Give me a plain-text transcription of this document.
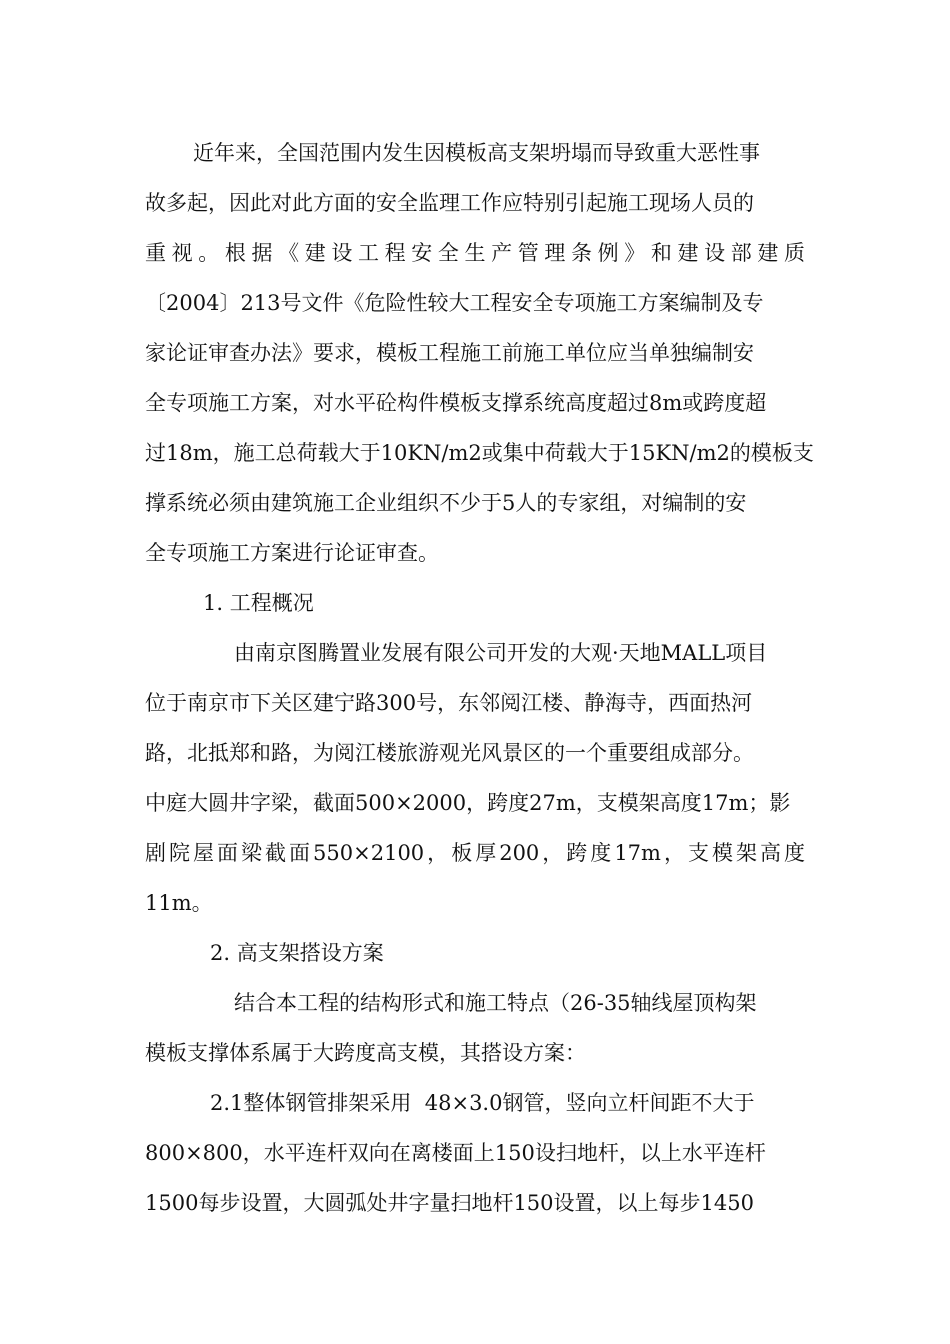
近年来，全国范围内发生因模板高支架坍塌而导致重大恶性事
故多起，因此对此方面的安全监理工作应特别引起施工现场人员的
重视。根据《建设工程安全生产管理条例》和建设部建质
〔2004〕213号文件《危险性较大工程安全专项施工方案编制及专
家论证审查办法》要求，模板工程施工前施工单位应当单独编制安
全专项施工方案，对水平砼构件模板支撑系统高度超过8m或跨度超
过18m，施工总荷载大于10KN/m2或集中荷载大于15KN/m2的模板支
撑系统必须由建筑施工企业组织不少于5人的专家组，对编制的安
全专项施工方案进行论证审查。
1. 工程概况
由南京图腾置业发展有限公司开发的大观·天地MALL项目
位于南京市下关区建宁路300号，东邻阅江楼、静海寺，西面热河
路，北抵郑和路，为阅江楼旅游观光风景区的一个重要组成部分。
中庭大圆井字梁，截面500×2000，跨度27m，支模架高度17m；影
剧院屋面梁截面550×2100，板厚200，跨度17m，支模架高度
11m。
2. 高支架搭设方案
结合本工程的结构形式和施工特点（26-35轴线屋顶构架
模板支撑体系属于大跨度高支模，其搭设方案：
2.1整体钢管排架采用  48×3.0钢管，竖向立杆间距不大于
800×800，水平连杆双向在离楼面上150设扫地杆，以上水平连杆
1500每步设置，大圆弧处井字量扫地杆150设置，以上每步1450
